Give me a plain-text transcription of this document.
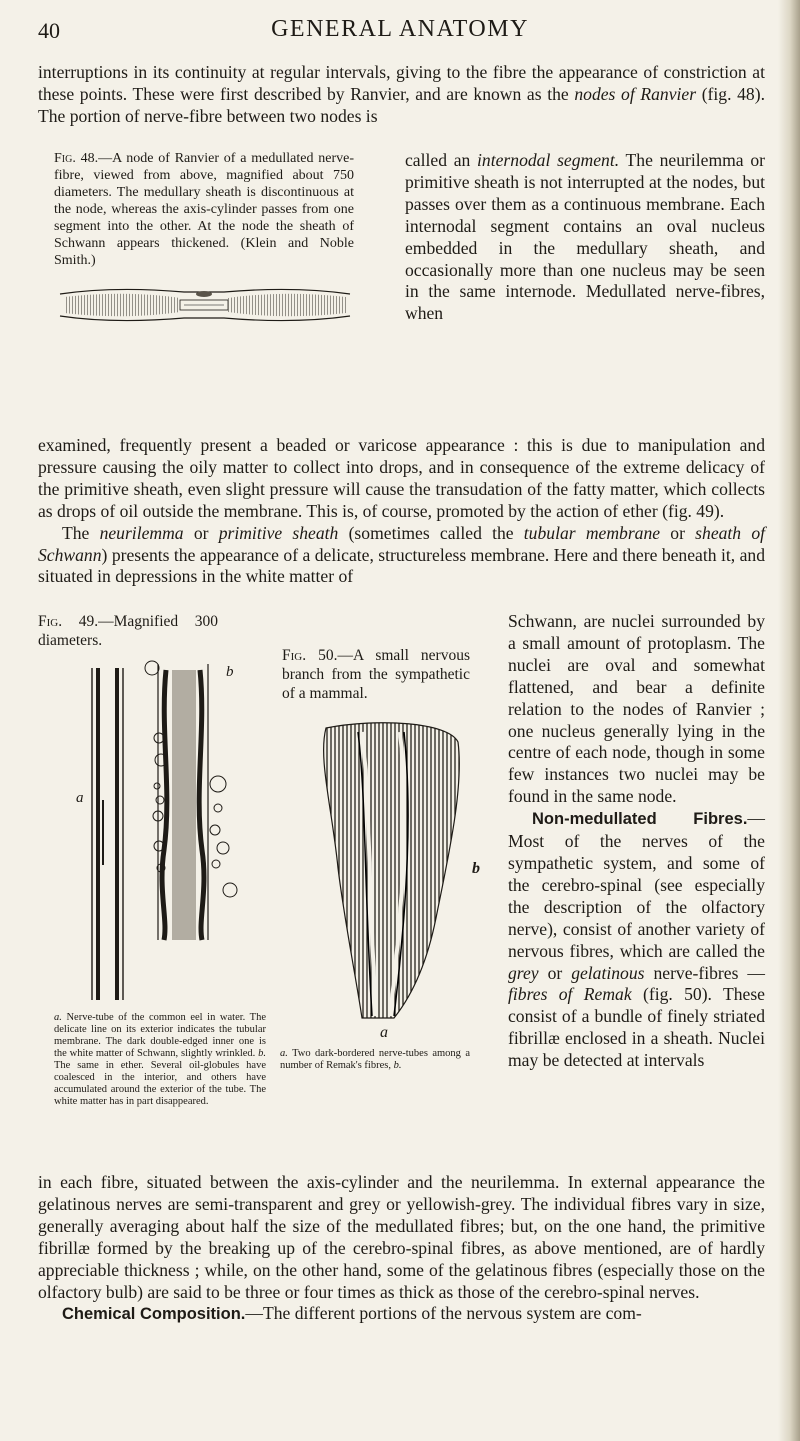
40	GENERAL ANATOMY

interruptions in its continuity at regular intervals, giving to the fibre the appearance of constriction at these points. These were first described by Ranvier, and are known as the nodes of Ranvier (fig. 48). The portion of nerve-fibre between two nodes is

Fig. 48.—A node of Ranvier of a medullated nerve-fibre, viewed from above, magnified about 750 diameters. The medullary sheath is discontinuous at the node, whereas the axis-cylinder passes from one segment into the other. At the node the sheath of Schwann appears thickened. (Klein and Noble Smith.)

called an internodal segment. The neurilemma or primitive sheath is not interrupted at the nodes, but passes over them as a continuous membrane. Each internodal segment contains an oval nucleus embedded in the medullary sheath, and occasionally more than one nucleus may be seen in the same internode. Medullated nerve-fibres, when

examined, frequently present a beaded or varicose appearance : this is due to manipulation and pressure causing the oily matter to collect into drops, and in consequence of the extreme delicacy of the primitive sheath, even slight pressure will cause the transudation of the fatty matter, which collects as drops of oil outside the membrane. This is, of course, promoted by the action of ether (fig. 49).

The neurilemma or primitive sheath (sometimes called the tubular membrane or sheath of Schwann) presents the appearance of a delicate, structureless membrane. Here and there beneath it, and situated in depressions in the white matter of

Fig. 49.—Magnified 300 diameters.
a
b
a. Nerve-tube of the common eel in water. The delicate line on its exterior indicates the tubular membrane. The dark double-edged inner one is the white matter of Schwann, slightly wrinkled. b. The same in ether. Several oil-globules have coalesced in the interior, and others have accumulated around the exterior of the tube. The white matter has in part disappeared.
Fig. 50.—A small nervous branch from the sympathetic of a mammal.
b
a
a. Two dark-bordered nerve-tubes among a number of Remak's fibres, b.

Schwann, are nuclei surrounded by a small amount of protoplasm. The nuclei are oval and somewhat flattened, and bear a definite relation to the nodes of Ranvier ; one nucleus generally lying in the centre of each node, though in some few instances two nuclei may be found in the same node.

Non-medullated Fibres.—Most of the nerves of the sympathetic system, and some of the cerebro-spinal (see especially the description of the olfactory nerve), consist of another variety of nervous fibres, which are called the grey or gelatinous nerve-fibres —fibres of Remak (fig. 50). These consist of a bundle of finely striated fibrillæ enclosed in a sheath. Nuclei may be detected at intervals

in each fibre, situated between the axis-cylinder and the neurilemma. In external appearance the gelatinous nerves are semi-transparent and grey or yellowish-grey. The individual fibres vary in size, generally averaging about half the size of the medullated fibres; but, on the one hand, the primitive fibrillæ formed by the breaking up of the cerebro-spinal fibres, as above mentioned, are of hardly appreciable thickness ; while, on the other hand, some of the gelatinous fibres (especially those on the olfactory bulb) are said to be three or four times as thick as those of the cerebro-spinal nerves.

Chemical Composition.—The different portions of the nervous system are com-
